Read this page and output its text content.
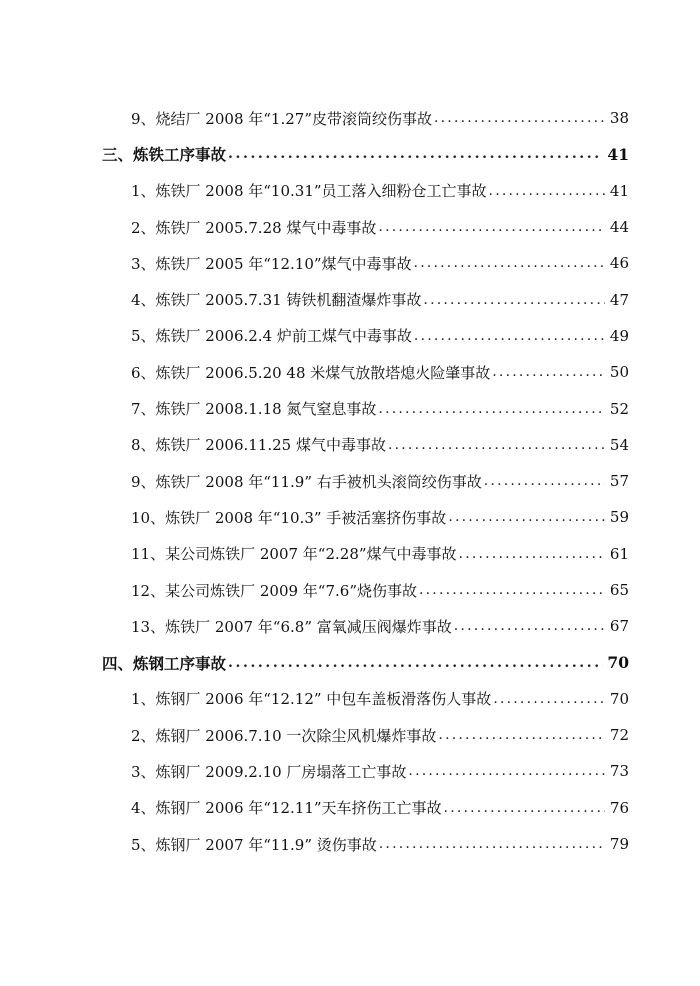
9、烧结厂 2008 年“1.27”皮带滚筒绞伤事故 .....	38
三、炼铁工序事故 .....	41
1、炼铁厂 2008 年“10.31”员工落入细粉仓工亡事故 .....	41
2、炼铁厂 2005.7.28 煤气中毒事故 .....	44
3、炼铁厂 2005 年“12.10”煤气中毒事故 .....	46
4、炼铁厂 2005.7.31 铸铁机翻渣爆炸事故 .....	47
5、炼铁厂 2006.2.4 炉前工煤气中毒事故 .....	49
6、炼铁厂 2006.5.20 48 米煤气放散塔熄火险肇事故 .....	50
7、炼铁厂 2008.1.18 氮气窒息事故 .....	52
8、炼铁厂 2006.11.25 煤气中毒事故 .....	54
9、炼铁厂 2008 年“11.9” 右手被机头滚筒绞伤事故 .....	57
10、炼铁厂 2008 年“10.3” 手被活塞挤伤事故 .....	59
11、某公司炼铁厂 2007 年“2.28”煤气中毒事故 .....	61
12、某公司炼铁厂 2009 年“7.6”烧伤事故 .....	65
13、炼铁厂 2007 年“6.8” 富氧减压阀爆炸事故 .....	67
四、炼钢工序事故 .....	70
1、炼钢厂 2006 年“12.12” 中包车盖板滑落伤人事故 .....	70
2、炼钢厂 2006.7.10 一次除尘风机爆炸事故 .....	72
3、炼钢厂 2009.2.10 厂房塌落工亡事故 .....	73
4、炼钢厂 2006 年“12.11”天车挤伤工亡事故 .....	76
5、炼钢厂 2007 年“11.9” 烫伤事故 .....	79
